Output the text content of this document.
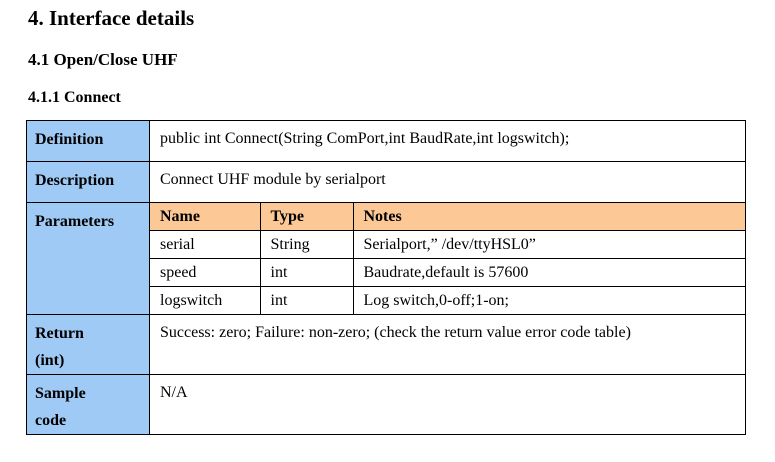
4. Interface details
4.1 Open/Close UHF
4.1.1 Connect
Definition	public int Connect(String ComPort,int BaudRate,int logswitch);
Description	Connect UHF module by serialport
Parameters		Name	Type	Notes
serial	String	Serialport,” /dev/ttyHSL0”
speed	int	Baudrate,default is 57600
logswitch	int	Log switch,0-off;1-on;

Return
(int)
	Success: zero; Failure: non-zero; (check the return value error code table)

Sample
code
	N/A
